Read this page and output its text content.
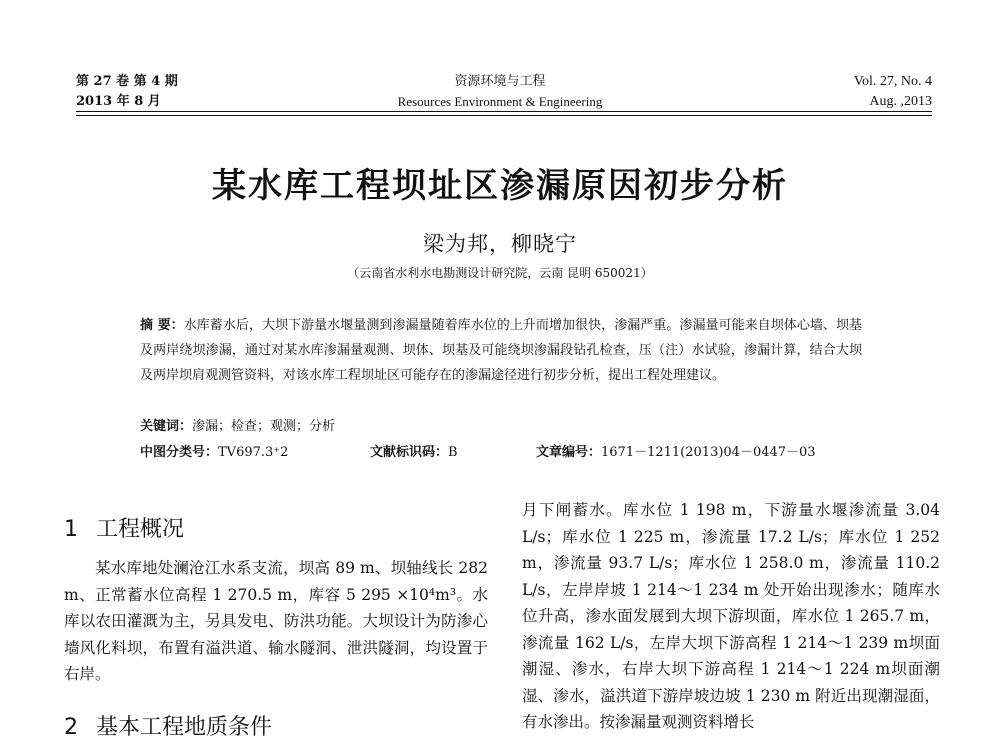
第 27 卷 第 4 期
2013 年 8 月
资源环境与工程
Resources Environment & Engineering
Vol. 27, No. 4
Aug. ,2013
某水库工程坝址区渗漏原因初步分析
梁为邦，柳晓宁
（云南省水利水电勘测设计研究院，云南 昆明 650021）
摘 要：水库蓄水后，大坝下游量水堰量测到渗漏量随着库水位的上升而增加很快，渗漏严重。渗漏量可能来自坝体心墙、坝基及两岸绕坝渗漏，通过对某水库渗漏量观测、坝体、坝基及可能绕坝渗漏段钻孔检查，压（注）水试验，渗漏计算，结合大坝及两岸坝肩观测管资料，对该水库工程坝址区可能存在的渗漏途径进行初步分析，提出工程处理建议。
关键词：渗漏；检查；观测；分析
中图分类号：TV697.3⁺2	文献标识码：B	文章编号：1671－1211(2013)04－0447－03
1 工程概况

某水库地处澜沧江水系支流，坝高 89 m、坝轴线长 282 m、正常蓄水位高程 1 270.5 m，库容 5 295 ×10⁴m³。水库以农田灌溉为主，另具发电、防洪功能。大坝设计为防渗心墙风化料坝，布置有溢洪道、输水隧洞、泄洪隧洞，均设置于右岸。

2 基本工程地质条件

月下闸蓄水。库水位 1 198 m，下游量水堰渗流量 3.04 L/s；库水位 1 225 m，渗流量 17.2 L/s；库水位 1 252 m，渗流量 93.7 L/s；库水位 1 258.0 m，渗流量 110.2 L/s，左岸岸坡 1 214～1 234 m 处开始出现渗水；随库水位升高，渗水面发展到大坝下游坝面，库水位 1 265.7 m，渗流量 162 L/s，左岸大坝下游高程 1 214～1 239 m坝面潮湿、渗水，右岸大坝下游高程 1 214～1 224 m坝面潮湿、渗水，溢洪道下游岸坡边坡 1 230 m 附近出现潮湿面，有水渗出。按渗漏量观测资料增长
